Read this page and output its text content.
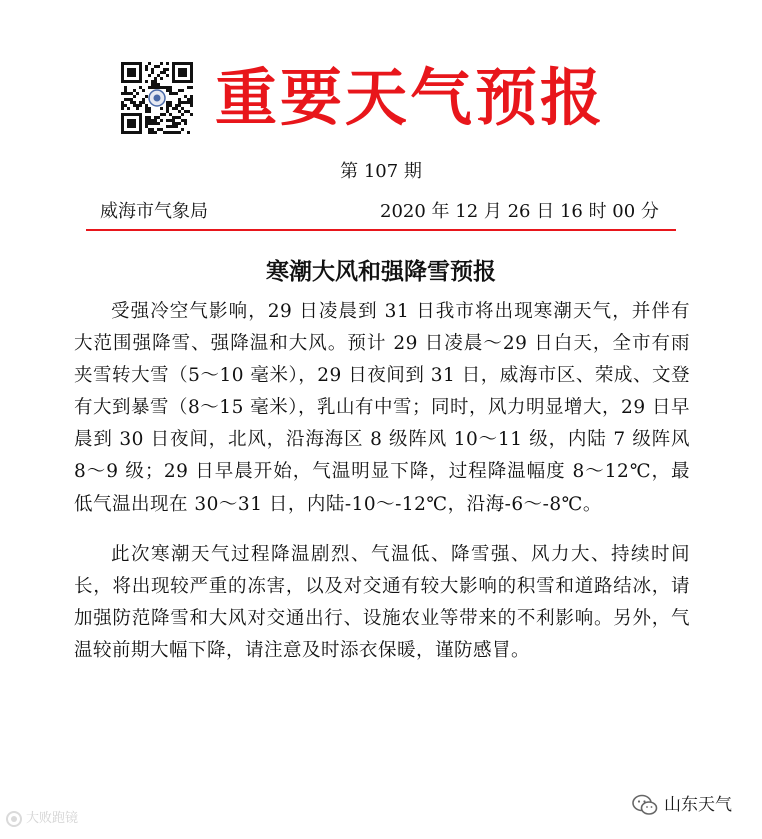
重要天气预报

第 107 期

威海市气象局	2020 年 12 月 26 日 16 时 00 分
寒潮大风和强降雪预报

受强冷空气影响，29 日凌晨到 31 日我市将出现寒潮天气，并伴有大范围强降雪、强降温和大风。预计 29 日凌晨～29 日白天，全市有雨夹雪转大雪（5～10 毫米），29 日夜间到 31 日，威海市区、荣成、文登有大到暴雪（8～15 毫米），乳山有中雪；同时，风力明显增大，29 日早晨到 30 日夜间，北风，沿海海区 8 级阵风 10～11 级，内陆 7 级阵风 8～9 级；29 日早晨开始，气温明显下降，过程降温幅度 8～12℃，最低气温出现在 30～31 日，内陆-10～-12℃，沿海-6～-8℃。

此次寒潮天气过程降温剧烈、气温低、降雪强、风力大、持续时间长，将出现较严重的冻害，以及对交通有较大影响的积雪和道路结冰，请加强防范降雪和大风对交通出行、设施农业等带来的不利影响。另外，气温较前期大幅下降，请注意及时添衣保暖，谨防感冒。

大败跑镜
山东天气
